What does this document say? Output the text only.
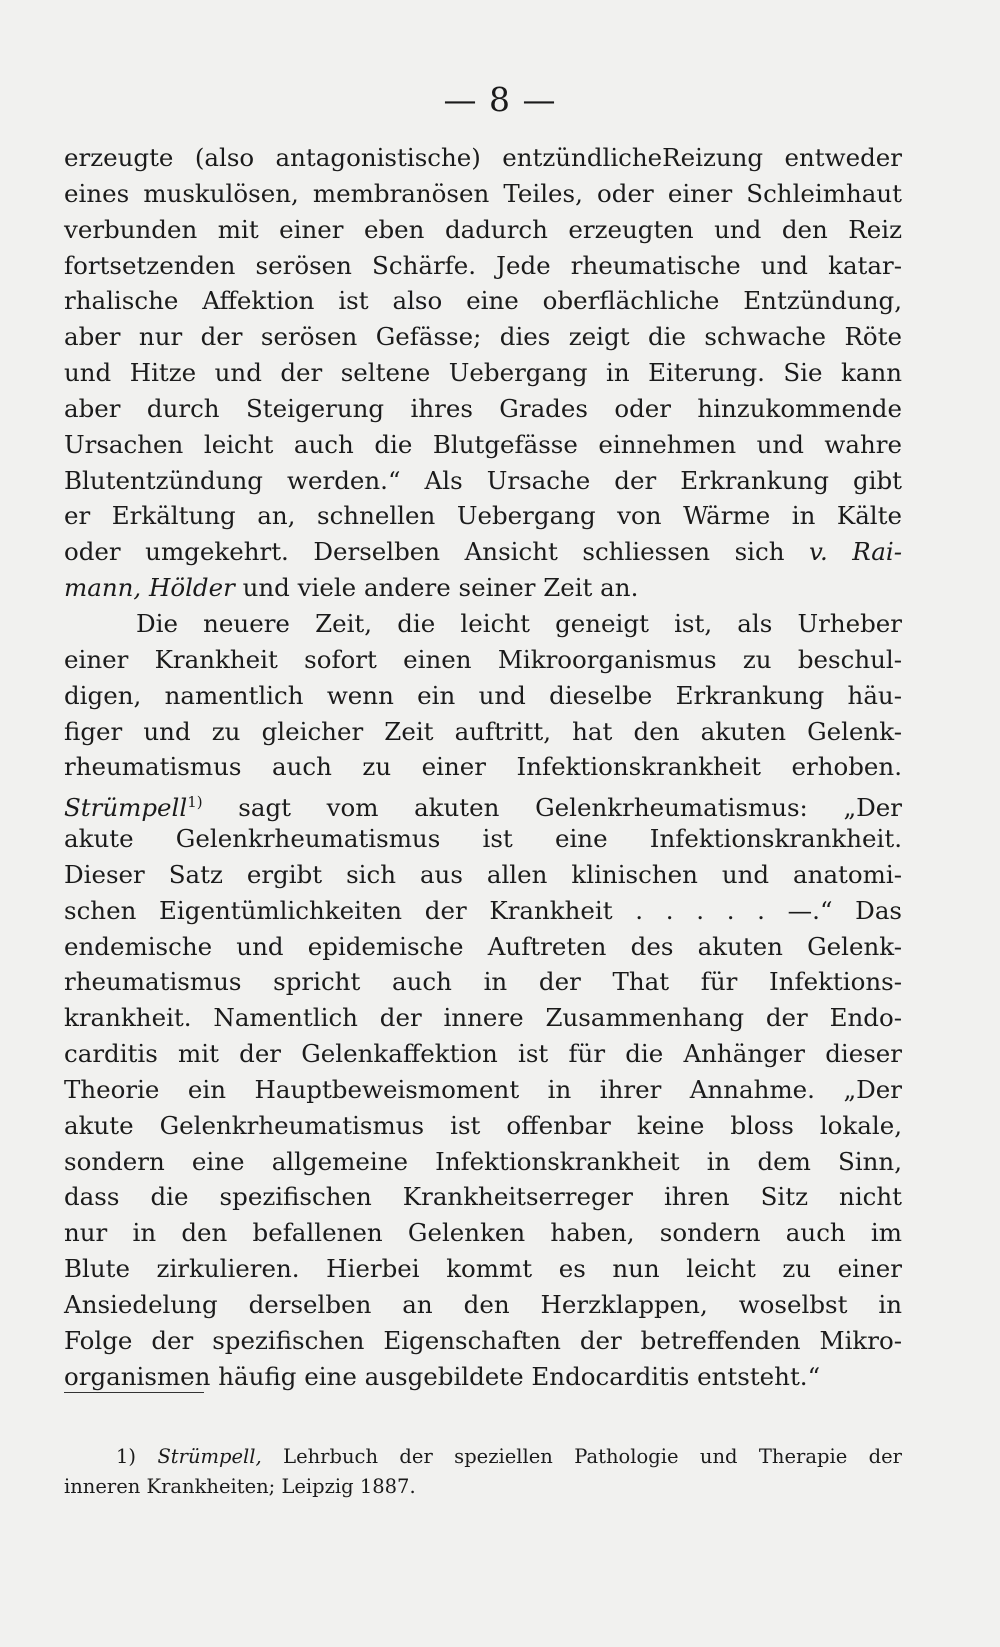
— 8 —
erzeugte (also antagonistische) entzündlicheReizung entweder
eines muskulösen, membranösen Teiles, oder einer Schleimhaut
verbunden mit einer eben dadurch erzeugten und den Reiz
fortsetzenden serösen Schärfe. Jede rheumatische und katar-
rhalische Affektion ist also eine oberflächliche Entzündung,
aber nur der serösen Gefässe; dies zeigt die schwache Röte
und Hitze und der seltene Uebergang in Eiterung. Sie kann
aber durch Steigerung ihres Grades oder hinzukommende
Ursachen leicht auch die Blutgefässe einnehmen und wahre
Blutentzündung werden.“ Als Ursache der Erkrankung gibt
er Erkältung an, schnellen Uebergang von Wärme in Kälte
oder umgekehrt. Derselben Ansicht schliessen sich v. Rai-
mann, Hölder und viele andere seiner Zeit an.
Die neuere Zeit, die leicht geneigt ist, als Urheber
einer Krankheit sofort einen Mikroorganismus zu beschul-
digen, namentlich wenn ein und dieselbe Erkrankung häu-
figer und zu gleicher Zeit auftritt, hat den akuten Gelenk-
rheumatismus auch zu einer Infektionskrankheit erhoben.
Strümpell$^{1)}$ sagt vom akuten Gelenkrheumatismus: „Der
akute Gelenkrheumatismus ist eine Infektionskrankheit.
Dieser Satz ergibt sich aus allen klinischen und anatomi-
schen Eigentümlichkeiten der Krankheit . . . . . —.“ Das
endemische und epidemische Auftreten des akuten Gelenk-
rheumatismus spricht auch in der That für Infektions-
krankheit. Namentlich der innere Zusammenhang der Endo-
carditis mit der Gelenkaffektion ist für die Anhänger dieser
Theorie ein Hauptbeweismoment in ihrer Annahme. „Der
akute Gelenkrheumatismus ist offenbar keine bloss lokale,
sondern eine allgemeine Infektionskrankheit in dem Sinn,
dass die spezifischen Krankheitserreger ihren Sitz nicht
nur in den befallenen Gelenken haben, sondern auch im
Blute zirkulieren. Hierbei kommt es nun leicht zu einer
Ansiedelung derselben an den Herzklappen, woselbst in
Folge der spezifischen Eigenschaften der betreffenden Mikro-
organismen häufig eine ausgebildete Endocarditis entsteht.“
1) Strümpell, Lehrbuch der speziellen Pathologie und Therapie der
inneren Krankheiten; Leipzig 1887.
